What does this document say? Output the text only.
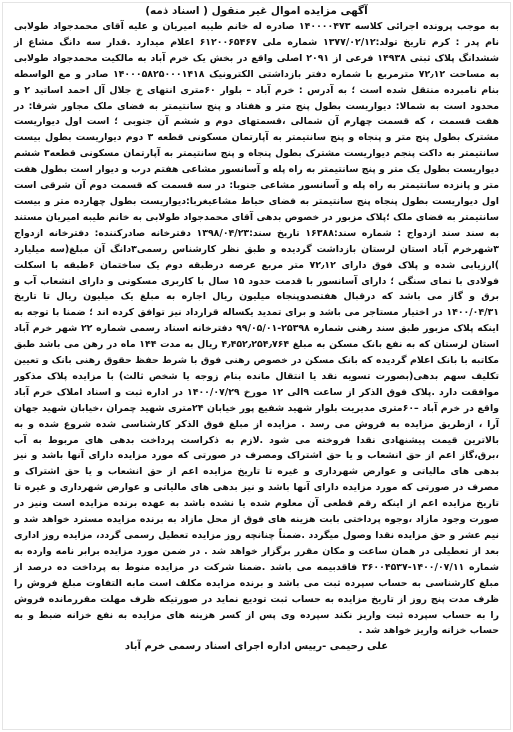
آگهی مزایده اموال غیر منقول ( اسناد ذمه)

به موجب پرونده اجرائی کلاسه ۱۴۰۰۰۰۴۷۳ صادره له خانم طیبه امیریان و علیه آقای محمدجواد طولابی نام پدر : کرم تاریخ تولد:۱۳۷۷/۰۲/۱۲ شماره ملی ۶۱۲۰۰۶۵۴۶۷ اعلام میدارد .قدار سه دانگ مشاع از ششدانگ پلاک ثبتی ۱۴۹۳۸ فرعی از ۲۰۹۱ اصلی واقع در بخش یک خرم آباد به مالکیت محمدجواد طولابی به مساحت ۷۲٫۱۲ مترمربع با شماره دفتر بازداشتی الکترونیک ۱۴۰۰۰۵۸۲۵۰۰۰۱۴۱۸ صادر و مع الواسطه بنام نامبرده منتقل شده است ؛ به آدرس : خرم آباد – بلوار ۶۰متری انتهای خ جلال آل احمد اساتید ۲ و محدود است به شمالا: دیواریست بطول پنج متر و هفتاد و پنج سانتیمتر به فضای ملک مجاور شرقا: در هفت قسمت ، که قسمت چهارم آن شمالی ،قسمتهای دوم و ششم آن جنوبی ؛ است اول دیواریست مشترک بطول پنج متر و پنجاه و پنج سانتیمتر به آپارتمان مسکونی قطعه ۳ دوم دیواریست بطول بیست سانتیمتر به داکت پنجم دیواریست مشترک بطول پنجاه و پنج سانتیمتر به آپارتمان مسکونی قطعه۳ ششم دیواریست بطول یک متر و پنج سانتیمتر به راه پله و آسانسور مشاعی هفتم درب و دیوار است بطول هفت متر و پانزده سانتیمتر به راه پله و آسانسور مشاعی جنوبا: در سه قسمت که قسمت دوم آن شرقی است اول دیواریست بطول پنجاه پنج سانتیمتر به فضای حیاط مشاعیغربا:دیواریست بطول چهارده متر و بیست سانتیمتر به فضای ملک ؛پلاک مزبور در خصوص بدهی آقای محمدجواد طولابی به خانم طیبه امیریان مستند به سند سند ازدواج : شماره سند:۱۶۳۸۸ تاریخ سند:۱۳۹۸/۰۴/۲۳ دفترخانه صادرکننده: دفترخانه ازدواج ۳شهرخرم آباد استان لرستان بازداشت گردیده و طبق نظر کارشناس رسمی۳دانگ آن مبلغ(سه میلیارد )ارزیابی شده و پلاک فوق دارای ۷۲٫۱۲ متر مربع عرصه درطبقه دوم یک ساختمان ۶طبقه با اسکلت فولادی با نمای سنگی ؛ دارای آسانسور با قدمت حدود ۱۵ سال با کاربری مسکونی و دارای انشعاب آب و برق و گاز می باشد که درقبال هفتصدوپنجاه میلیون ریال اجاره به مبلغ یک میلیون ریال تا تاریخ ۱۴۰۰/۰۴/۳۱ در اختیار مستاجر می باشد و برای تمدید یکساله قرارداد نیز توافق کرده اند ؛ ضمنا با توجه به اینکه پلاک مزبور طبق سند رهنی شماره ۲۵۳۹۸-۹۹/۰۵/۰۱ دفترخانه اسناد رسمی شماره ۲۲ شهر خرم آباد استان لرستان که به نفع بانک مسکن به مبلغ ۴٫۴۵۲٫۲۵۴٫۷۶۴ ریال به مدت ۱۴۴ ماه در رهن می باشد طبق مکاتبه با بانک اعلام گردیده که بانک مسکن در خصوص رهنی فوق با شرط حفظ حقوق رهنی بانک و تعیین تکلیف سهم بدهی(بصورت تسویه نقد یا انتقال مانده بنام زوجه یا شخص ثالث) با مزایده پلاک مذکور موافقت دارد .پلاک فوق الذکر از ساعت ۹الی ۱۲ مورخ ۱۴۰۰/۰۷/۲۹ در اداره ثبت و اسناد املاک خرم آباد واقع در خرم آباد –۶۰متری مدیریت بلوار شهید شفیع پور خیابان ۲۴متری شهید چمران ،خیابان شهید جهان آرا ، ازطریق مزایده به فروش می رسد . مزایده از مبلغ فوق الذکر کارشناسی شده شروع شده و به بالاترین قیمت پیشنهادی نقدا فروخته می شود .لازم به ذکراست پرداخت بدهی های مربوط به آب ،برق،گاز اعم از حق انشعاب و یا حق اشتراک ومصرف در صورتی که مورد مزایده دارای آنها باشد و نیز بدهی های مالیاتی و عوارض شهرداری و غیره تا تاریخ مزایده اعم از حق انشعاب و یا حق اشتراک و مصرف در صورتی که مورد مزایده دارای آنها باشد و نیز بدهی های مالیاتی و عوارض شهرداری و غیره تا تاریخ مزایده اعم از اینکه رقم قطعی آن معلوم شده یا نشده باشد به عهده برنده مزایده است ونیز در صورت وجود مازاد ،وجوه پرداختی بابت هزینه های فوق از محل مازاد به برنده مزایده مسترد خواهد شد و نیم عشر و حق مزایده نقدا وصول میگردد .ضمناً چنانچه روز مزایده تعطیل رسمی گردد، مزایده روز اداری بعد از تعطیلی در همان ساعت و مکان مقرر برگزار خواهد شد . در ضمن مورد مزایده برابر نامه وارده به شماره ۱۴۰۰/۰۷/۱۱-۳۶۰۰۴۵۳۷ فاقدبیمه می باشد .ضمنا شرکت در مزایده منوط به پرداخت ده درصد از مبلغ کارشناسی به حساب سپرده ثبت می باشد و برنده مزایده مکلف است مابه التفاوت مبلغ فروش را ظرف مدت پنج روز از تاریخ مزایده به حساب ثبت تودیع نماید در صورتیکه ظرف مهلت مقررمانده فروش را به حساب سپرده ثبت واریز نکند سپرده وی پس از کسر هزینه های مزایده به نفع خزانه ضبط و به حساب خزانه واریز خواهد شد .

علی رحیمی -رییس اداره اجرای اسناد رسمی خرم آباد
